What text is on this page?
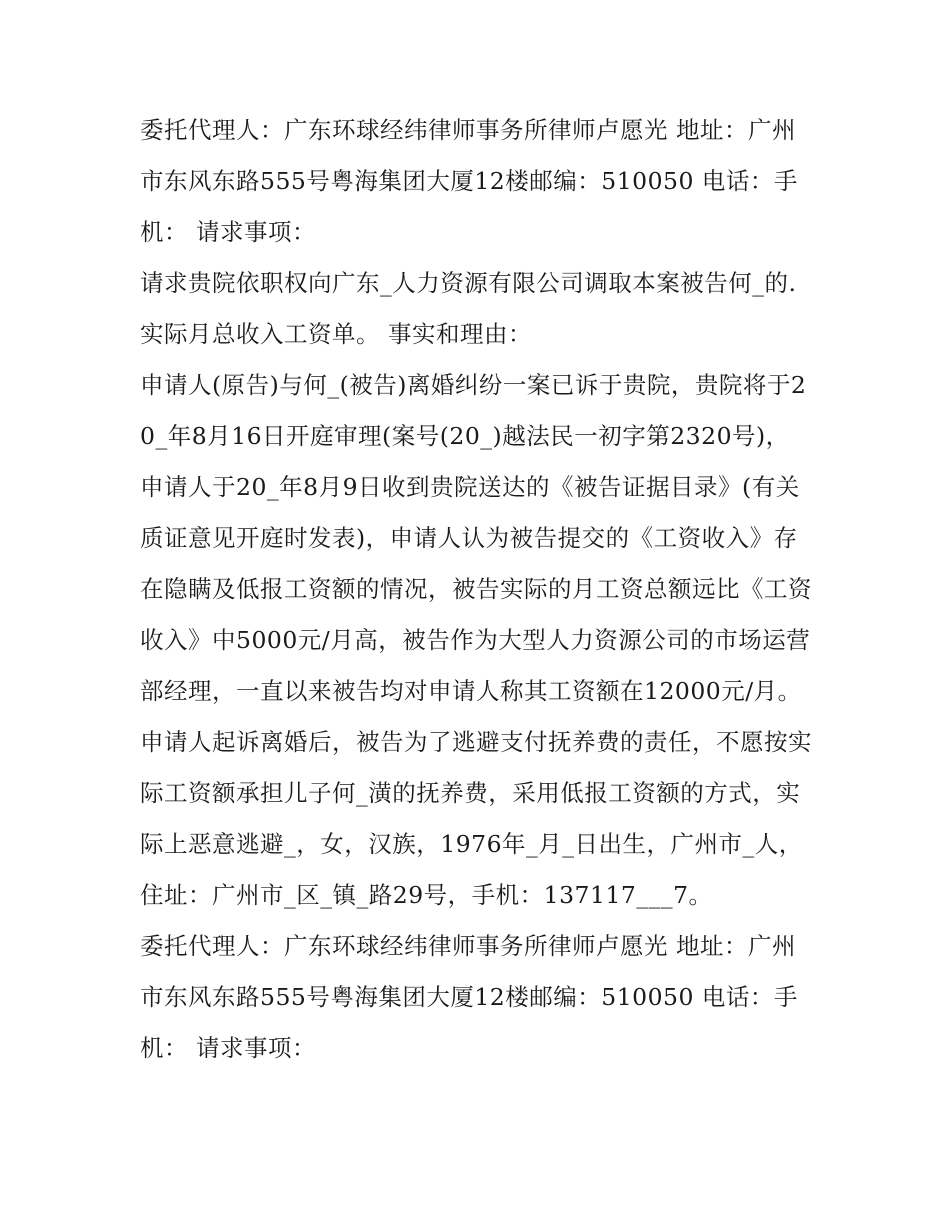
委托代理人：广东环球经纬律师事务所律师卢愿光 地址：广州市东风东路555号粤海集团大厦12楼邮编：510050 电话：手机： 请求事项：

请求贵院依职权向广东_人力资源有限公司调取本案被告何_的.实际月总收入工资单。 事实和理由：

申请人(原告)与何_(被告)离婚纠纷一案已诉于贵院，贵院将于20_年8月16日开庭审理(案号(20_)越法民一初字第2320号)，申请人于20_年8月9日收到贵院送达的《被告证据目录》(有关质证意见开庭时发表)，申请人认为被告提交的《工资收入》存在隐瞒及低报工资额的情况，被告实际的月工资总额远比《工资收入》中5000元/月高，被告作为大型人力资源公司的市场运营部经理，一直以来被告均对申请人称其工资额在12000元/月。申请人起诉离婚后，被告为了逃避支付抚养费的责任，不愿按实际工资额承担儿子何_潢的抚养费，采用低报工资额的方式，实际上恶意逃避_，女，汉族，1976年_月_日出生，广州市_人，住址：广州市_区_镇_路29号，手机：137117___7。

委托代理人：广东环球经纬律师事务所律师卢愿光 地址：广州市东风东路555号粤海集团大厦12楼邮编：510050 电话：手机： 请求事项：
